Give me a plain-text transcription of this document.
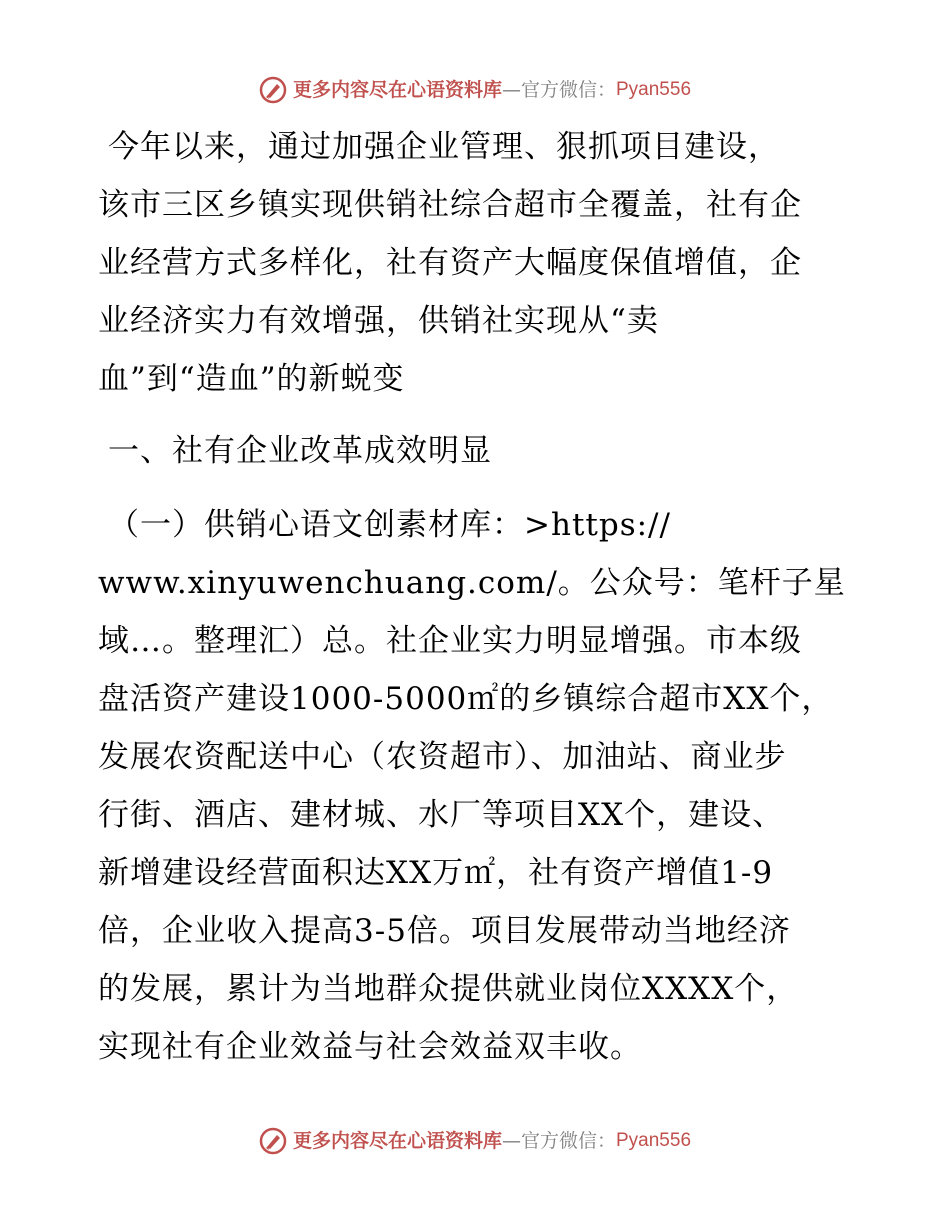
更多内容尽在心语资料库 — 官方微信： Pyan556

今年以来，通过加强企业管理、狠抓项目建设，
该市三区乡镇实现供销社综合超市全覆盖，社有企
业经营方式多样化，社有资产大幅度保值增值，企
业经济实力有效增强，供销社实现从“卖
血”到“造血”的新蜕变

一、社有企业改革成效明显

（一）供销心语文创素材库：>https://
www.xinyuwenchuang.com/。公众号：笔杆子星
域…。整理汇）总。社企业实力明显增强。市本级
盘活资产建设1000-5000㎡的乡镇综合超市XX个，
发展农资配送中心（农资超市）、加油站、商业步
行街、酒店、建材城、水厂等项目XX个，建设、
新增建设经营面积达XX万㎡，社有资产增值1-9
倍，企业收入提高3-5倍。项目发展带动当地经济
的发展，累计为当地群众提供就业岗位XXXX个，
实现社有企业效益与社会效益双丰收。

更多内容尽在心语资料库 — 官方微信： Pyan556
